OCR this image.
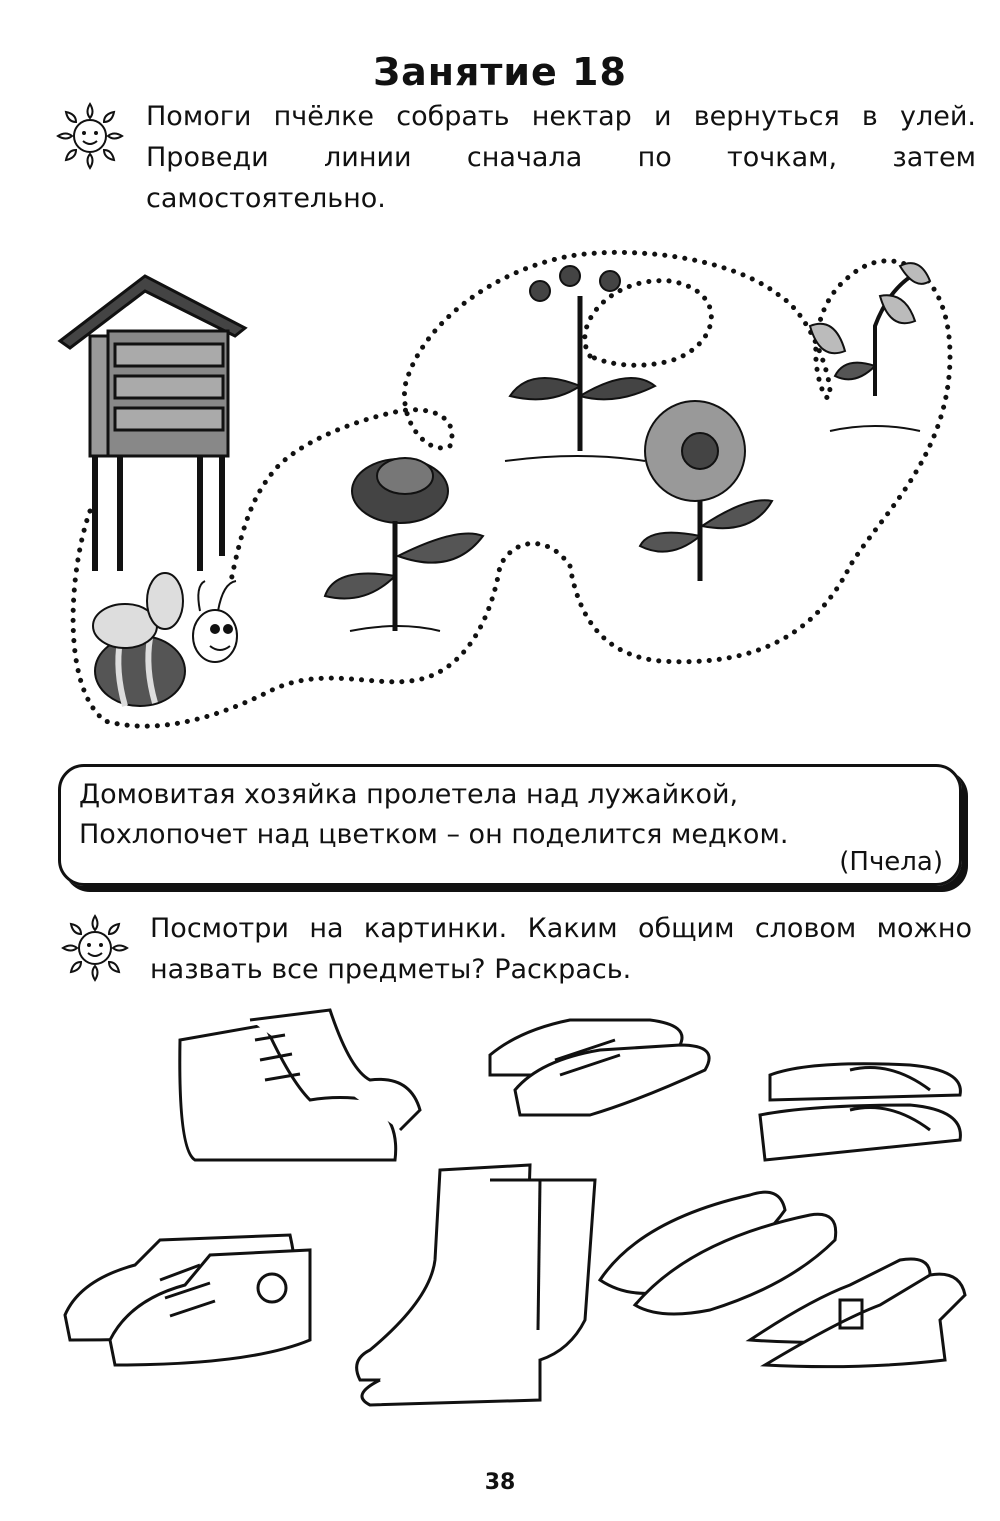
Занятие 18
Помоги пчёлке собрать нектар и вернуться в улей. Проведи линии сначала по точкам, затем самостоятельно.
Домовитая хозяйка пролетела над лужайкой,
Похлопочет над цветком – он поделится медком.
(Пчела)
Посмотри на картинки. Каким общим словом можно назвать все предметы? Раскрась.
38
